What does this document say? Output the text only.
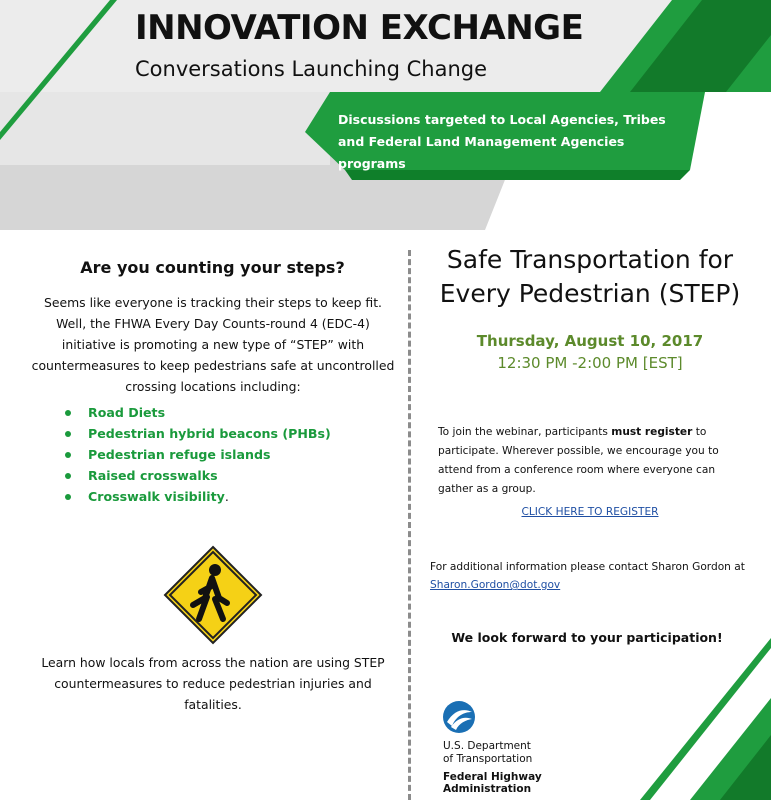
INNOVATION EXCHANGE
Conversations Launching Change
Discussions targeted to Local Agencies, Tribes
and Federal Land Management Agencies programs
Are you counting your steps?

Seems like everyone is tracking their steps to keep fit. Well, the FHWA Every Day Counts-round 4 (EDC-4) initiative is promoting a new type of “STEP” with countermeasures to keep pedestrians safe at uncontrolled crossing locations including:

Road Diets
Pedestrian hybrid beacons (PHBs)
Pedestrian refuge islands
Raised crosswalks
Crosswalk visibility.

Learn how locals from across the nation are using STEP countermeasures to reduce pedestrian injuries and fatalities.

Safe Transportation for Every Pedestrian (STEP)
Thursday, August 10, 2017
12:30 PM -2:00 PM [EST]

To join the webinar, participants must register to participate. Wherever possible, we encourage you to attend from a conference room where everyone can gather as a group.

CLICK HERE TO REGISTER

For additional information please contact Sharon Gordon at
Sharon.Gordon@dot.gov

We look forward to your participation!
U.S. Department
of Transportation
Federal Highway
Administration
